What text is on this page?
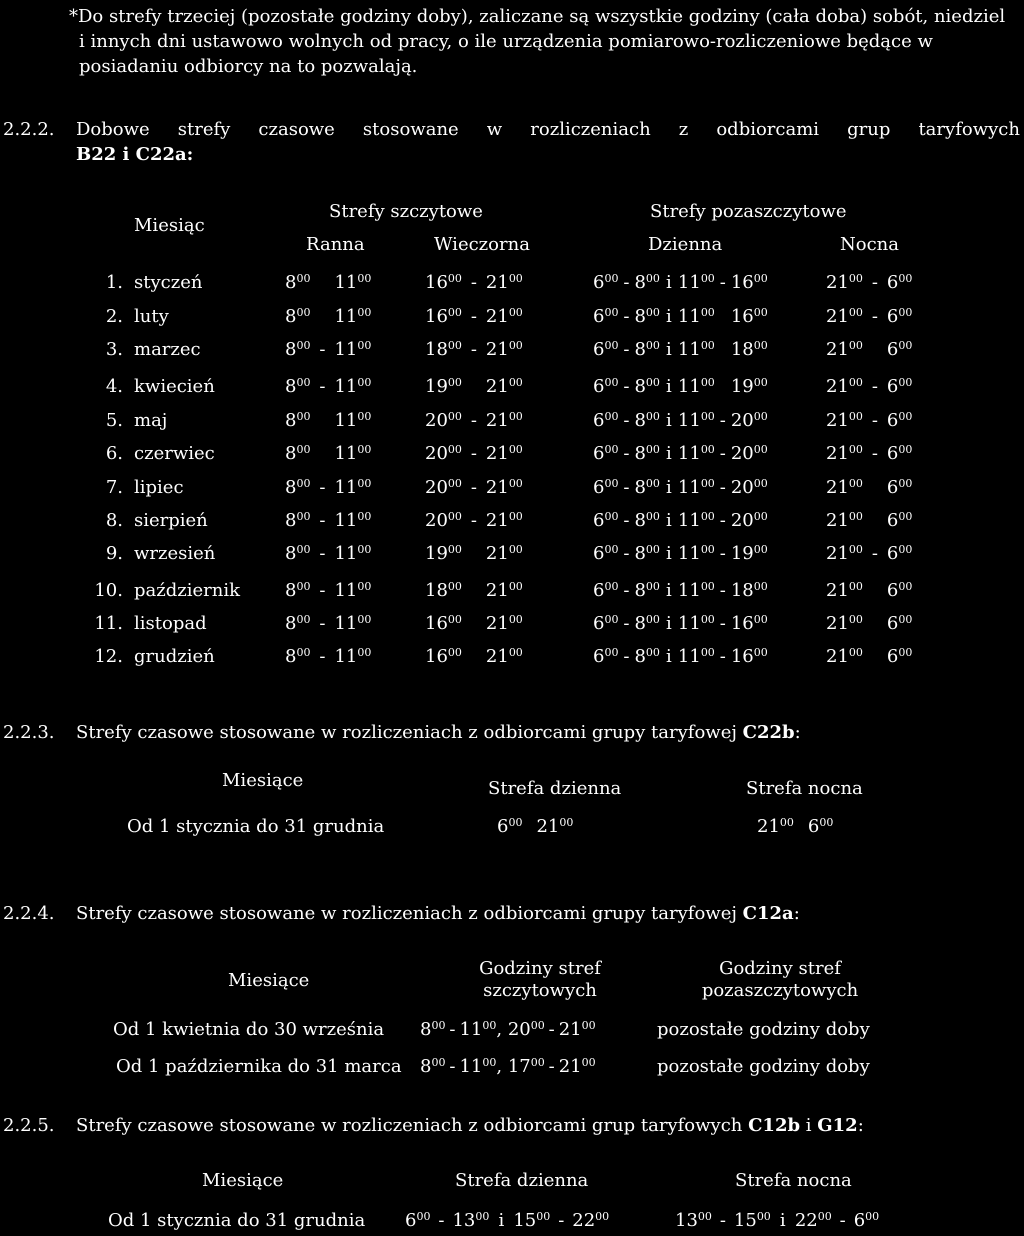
*Do strefy trzeciej (pozostałe godziny doby), zaliczane są wszystkie godziny (cała doba) sobót, niedziel

i innych dni ustawowo wolnych od pracy, o ile urządzenia pomiarowo-rozliczeniowe będące w

posiadaniu odbiorcy na to pozwalają.

2.2.2. Dobowe strefy czasowe stosowane w rozliczeniach z odbiorcami grup taryfowych
B22 i C22a:
Miesiąc
Strefy szczytowe	Strefy pozaszczytowe
Ranna	Wieczorna	Dzienna	Nocna
1. styczeń	$8^{00}$ $11^{00}$	$16^{00} - 21^{00}$	$6^{00} - 8^{00}$ i $11^{00} - 16^{00}$	$21^{00} - 6^{00}$
2. luty	$8^{00}$ $11^{00}$	$16^{00} - 21^{00}$	$6^{00} - 8^{00}$ i $11^{00}$ $16^{00}$	$21^{00} - 6^{00}$
3. marzec	$8^{00} - 11^{00}$	$18^{00} - 21^{00}$	$6^{00} - 8^{00}$ i $11^{00}$ $18^{00}$	$21^{00}$ $6^{00}$
4. kwiecień	$8^{00} - 11^{00}$	$19^{00}$ $21^{00}$	$6^{00} - 8^{00}$ i $11^{00}$ $19^{00}$	$21^{00} - 6^{00}$
5. maj	$8^{00}$ $11^{00}$	$20^{00} - 21^{00}$	$6^{00} - 8^{00}$ i $11^{00} - 20^{00}$	$21^{00} - 6^{00}$
6. czerwiec	$8^{00}$ $11^{00}$	$20^{00} - 21^{00}$	$6^{00} - 8^{00}$ i $11^{00} - 20^{00}$	$21^{00} - 6^{00}$
7. lipiec	$8^{00} - 11^{00}$	$20^{00} - 21^{00}$	$6^{00} - 8^{00}$ i $11^{00} - 20^{00}$	$21^{00}$ $6^{00}$
8. sierpień	$8^{00} - 11^{00}$	$20^{00} - 21^{00}$	$6^{00} - 8^{00}$ i $11^{00} - 20^{00}$	$21^{00}$ $6^{00}$
9. wrzesień	$8^{00} - 11^{00}$	$19^{00}$ $21^{00}$	$6^{00} - 8^{00}$ i $11^{00} - 19^{00}$	$21^{00} - 6^{00}$
10. październik $8^{00} - 11^{00}$	$18^{00}$ $21^{00}$	$6^{00} - 8^{00}$ i $11^{00} - 18^{00}$	$21^{00}$ $6^{00}$
11. listopad	$8^{00} - 11^{00}$	$16^{00}$ $21^{00}$	$6^{00} - 8^{00}$ i $11^{00} - 16^{00}$	$21^{00}$ $6^{00}$
12. grudzień	$8^{00} - 11^{00}$	$16^{00}$ $21^{00}$	$6^{00} - 8^{00}$ i $11^{00} - 16^{00}$	$21^{00}$ $6^{00}$
2.2.3. Strefy czasowe stosowane w rozliczeniach z odbiorcami grupy taryfowej C22b:
Miesiące	Strefa dzienna	Strefa nocna
Od 1 stycznia do 31 grudnia	$6^{00}$ $21^{00}$	$21^{00}$ $6^{00}$
2.2.4. Strefy czasowe stosowane w rozliczeniach z odbiorcami grupy taryfowej C12a:
Miesiące
Godziny stref
szczytowych
Godziny stref
pozaszczytowych
Od 1 kwietnia do 30 września $8^{00} - 11^{00}$, $20^{00} - 21^{00}$	pozostałe godziny doby
Od 1 października do 31 marca $8^{00} - 11^{00}$, $17^{00} - 21^{00}$	pozostałe godziny doby
2.2.5. Strefy czasowe stosowane w rozliczeniach z odbiorcami grup taryfowych C12b i G12:
Miesiące	Strefa dzienna	Strefa nocna
Od 1 stycznia do 31 grudnia $6^{00} - 13^{00}$ i $15^{00} - 22^{00}$	$13^{00} - 15^{00}$ i $22^{00} - 6^{00}$
